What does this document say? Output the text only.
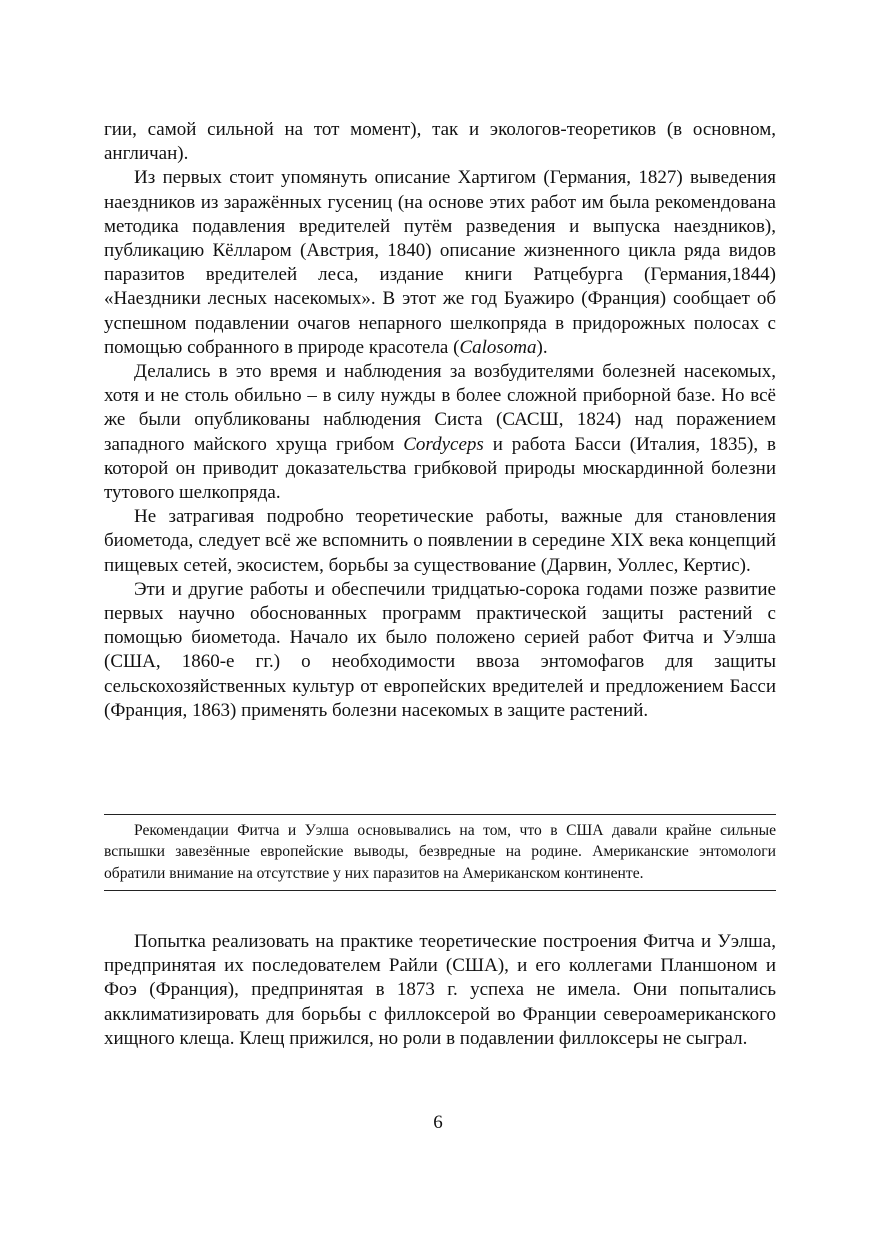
гии, самой сильной на тот момент), так и экологов-теоретиков (в основном, англичан).

Из первых стоит упомянуть описание Хартигом (Германия, 1827) выведения наездников из заражённых гусениц (на основе этих работ им была рекомендована методика подавления вредителей путём разведения и выпуска наездников), публикацию Кёлларом (Австрия, 1840) описание жизненного цикла ряда видов паразитов вредителей леса, издание книги Ратцебурга (Германия,1844) «Наездники лесных насекомых». В этот же год Буажиро (Франция) сообщает об успешном подавлении очагов непарного шелкопряда в придорожных полосах с помощью собранного в природе красотела (Calosoma).

Делались в это время и наблюдения за возбудителями болезней насекомых, хотя и не столь обильно – в силу нужды в более сложной приборной базе. Но всё же были опубликованы наблюдения Систа (САСШ, 1824) над поражением западного майского хруща грибом Cordyceps и работа Басси (Италия, 1835), в которой он приводит доказательства грибковой природы мюскардинной болезни тутового шелкопряда.

Не затрагивая подробно теоретические работы, важные для становления биометода, следует всё же вспомнить о появлении в середине XIX века концепций пищевых сетей, экосистем, борьбы за существование (Дарвин, Уоллес, Кертис).

Эти и другие работы и обеспечили тридцатью-сорока годами позже развитие первых научно обоснованных программ практической защиты растений с помощью биометода. Начало их было положено серией работ Фитча и Уэлша (США, 1860-е гг.) о необходимости ввоза энтомофагов для защиты сельскохозяйственных культур от европейских вредителей и предложением Басси (Франция, 1863) применять болезни насекомых в защите растений.

Рекомендации Фитча и Уэлша основывались на том, что в США давали крайне сильные вспышки завезённые европейские выводы, безвредные на родине. Американские энтомологи обратили внимание на отсутствие у них паразитов на Американском континенте.

Попытка реализовать на практике теоретические построения Фитча и Уэлша, предпринятая их последователем Райли (США), и его коллегами Планшоном и Фоэ (Франция), предпринятая в 1873 г. успеха не имела. Они попытались акклиматизировать для борьбы с филлоксерой во Франции североамериканского хищного клеща. Клещ прижился, но роли в подавлении филлоксеры не сыграл.

6
